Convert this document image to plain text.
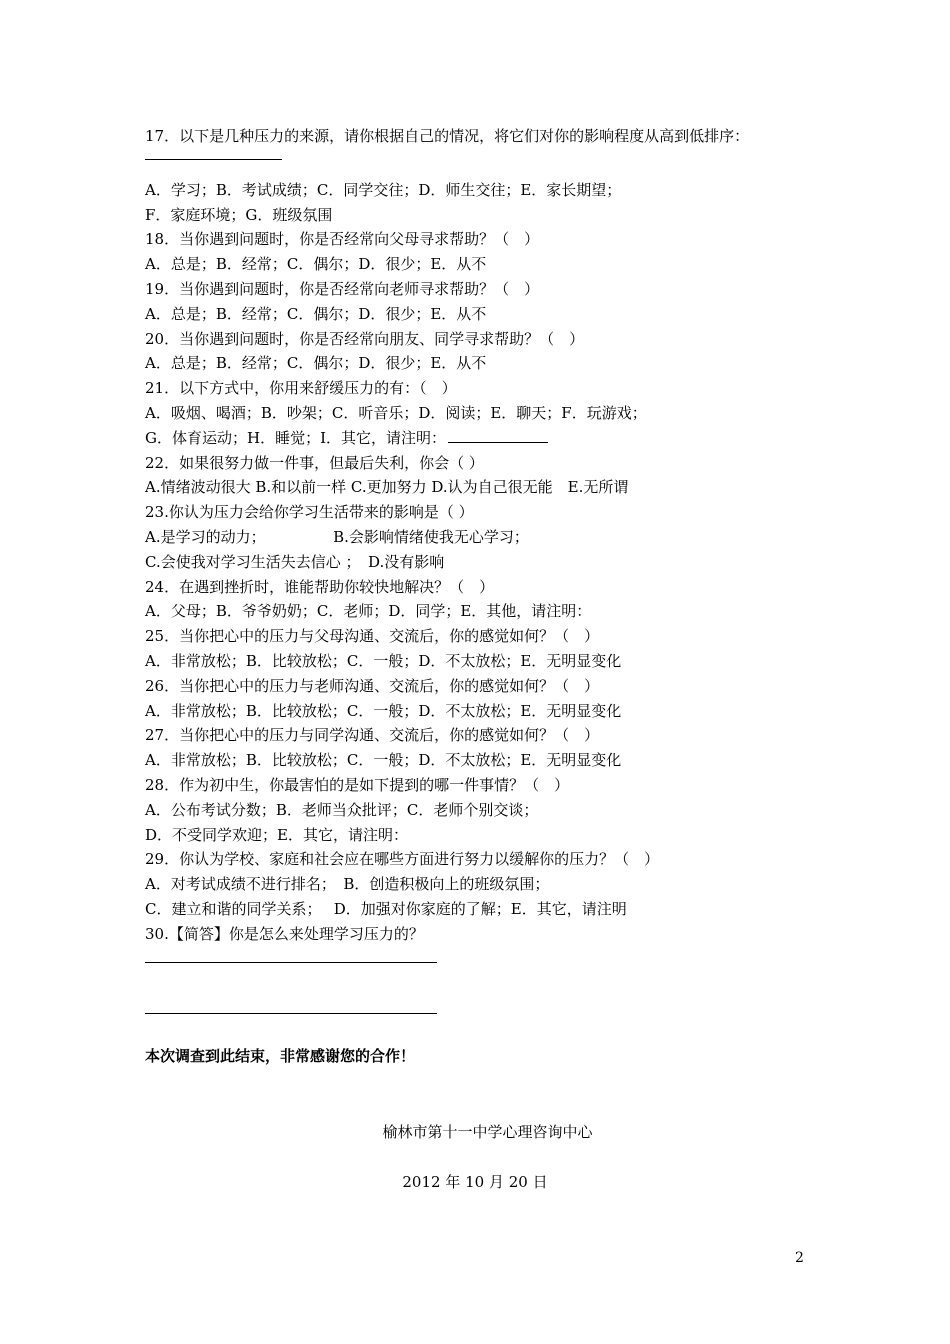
17．以下是几种压力的来源，请你根据自己的情况，将它们对你的影响程度从高到低排序：
A．学习；B．考试成绩；C．同学交往；D．师生交往；E．家长期望；
F．家庭环境；G．班级氛围
18．当你遇到问题时，你是否经常向父母寻求帮助？（　）
A．总是；B．经常；C．偶尔；D．很少；E．从不
19．当你遇到问题时，你是否经常向老师寻求帮助？（　）
A．总是；B．经常；C．偶尔；D．很少；E．从不
20．当你遇到问题时，你是否经常向朋友、同学寻求帮助？（　）
A．总是；B．经常；C．偶尔；D．很少；E．从不
21．以下方式中，你用来舒缓压力的有：（　）
A．吸烟、喝酒；B．吵架；C．听音乐；D．阅读；E．聊天；F．玩游戏；
G．体育运动；H．睡觉；I．其它，请注明：
22．如果很努力做一件事，但最后失利，你会（ ）
A.情绪波动很大 B.和以前一样 C.更加努力 D.认为自己很无能　E.无所谓
23.你认为压力会给你学习生活带来的影响是（ ）
A.是学习的动力；　　　　　B.会影响情绪使我无心学习；
C.会使我对学习生活失去信心 ；　D.没有影响
24．在遇到挫折时，谁能帮助你较快地解决？（　）
A．父母；B．爷爷奶奶；C．老师；D．同学；E．其他，请注明：
25．当你把心中的压力与父母沟通、交流后，你的感觉如何？（　）
A．非常放松；B．比较放松；C．一般；D．不太放松；E．无明显变化
26．当你把心中的压力与老师沟通、交流后，你的感觉如何？（　）
A．非常放松；B．比较放松；C．一般；D．不太放松；E．无明显变化
27．当你把心中的压力与同学沟通、交流后，你的感觉如何？（　）
A．非常放松；B．比较放松；C．一般；D．不太放松；E．无明显变化
28．作为初中生，你最害怕的是如下提到的哪一件事情？（　）
A．公布考试分数；B．老师当众批评；C．老师个别交谈；
D．不受同学欢迎；E．其它，请注明：
29．你认为学校、家庭和社会应在哪些方面进行努力以缓解你的压力？（　）
A．对考试成绩不进行排名；　B．创造积极向上的班级氛围；
C．建立和谐的同学关系；　 D．加强对你家庭的了解；E．其它，请注明
30.【简答】你是怎么来处理学习压力的？
本次调查到此结束，非常感谢您的合作！
榆林市第十一中学心理咨询中心
2012 年 10 月 20 日
2
